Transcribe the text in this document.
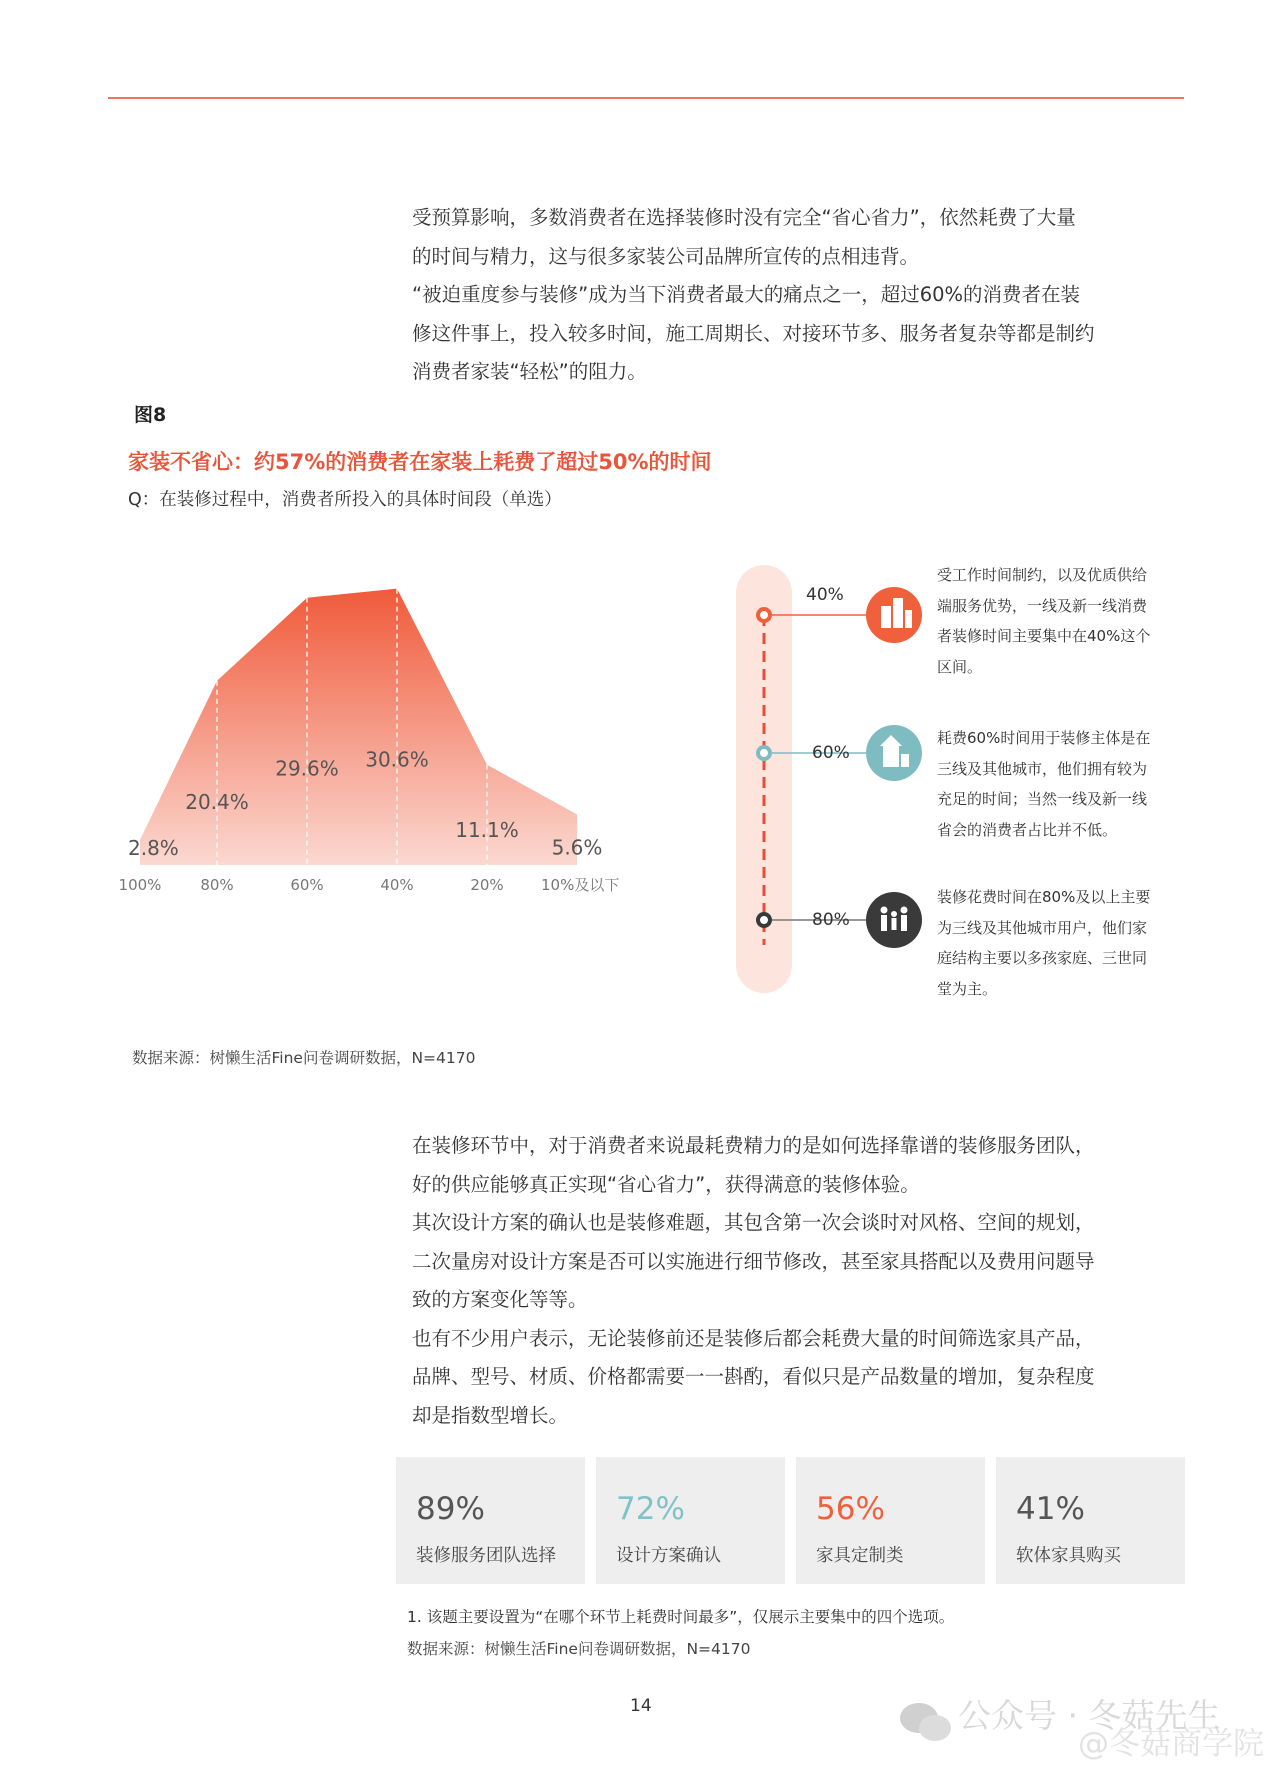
受预算影响，多数消费者在选择装修时没有完全“省心省力”，依然耗费了大量

的时间与精力，这与很多家装公司品牌所宣传的点相违背。

“被迫重度参与装修”成为当下消费者最大的痛点之一，超过60%的消费者在装

修这件事上，投入较多时间，施工周期长、对接环节多、服务者复杂等都是制约

消费者家装“轻松”的阻力。

图8
家装不省心：约57%的消费者在家装上耗费了超过50%的时间
Q：在装修过程中，消费者所投入的具体时间段（单选）
2.8%
20.4%
29.6% 30.6%
11.1%
5.6%
100%	80%	60%	40%	20% 10%及以下
40%
60%
80%
受工作时间制约，以及优质供给
端服务优势，一线及新一线消费
者装修时间主要集中在40%这个
区间。
耗费60%时间用于装修主体是在
三线及其他城市，他们拥有较为
充足的时间；当然一线及新一线
省会的消费者占比并不低。
装修花费时间在80%及以上主要
为三线及其他城市用户，他们家
庭结构主要以多孩家庭、三世同
堂为主。
数据来源：树懒生活Fine问卷调研数据，N=4170

在装修环节中，对于消费者来说最耗费精力的是如何选择靠谱的装修服务团队，

好的供应能够真正实现“省心省力”，获得满意的装修体验。

其次设计方案的确认也是装修难题，其包含第一次会谈时对风格、空间的规划，

二次量房对设计方案是否可以实施进行细节修改，甚至家具搭配以及费用问题导

致的方案变化等等。

也有不少用户表示，无论装修前还是装修后都会耗费大量的时间筛选家具产品，

品牌、型号、材质、价格都需要一一斟酌，看似只是产品数量的增加，复杂程度

却是指数型增长。

89%
装修服务团队选择
72%
设计方案确认
56%
家具定制类
41%
软体家具购买
1. 该题主要设置为“在哪个环节上耗费时间最多”，仅展示主要集中的四个选项。
数据来源：树懒生活Fine问卷调研数据，N=4170
14	公众号 · 冬菇先生
@冬菇商学院
